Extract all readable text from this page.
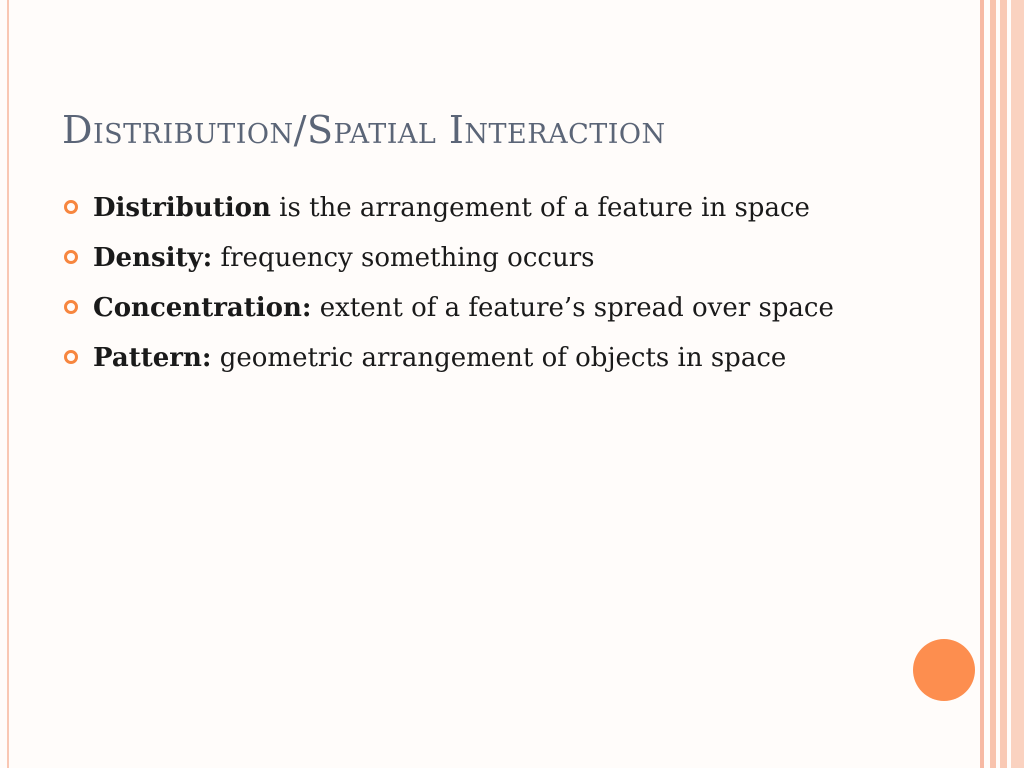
Distribution/Spatial Interaction
Distribution is the arrangement of a feature in space
Density: frequency something occurs
Concentration: extent of a feature’s spread over space
Pattern: geometric arrangement of objects in space
